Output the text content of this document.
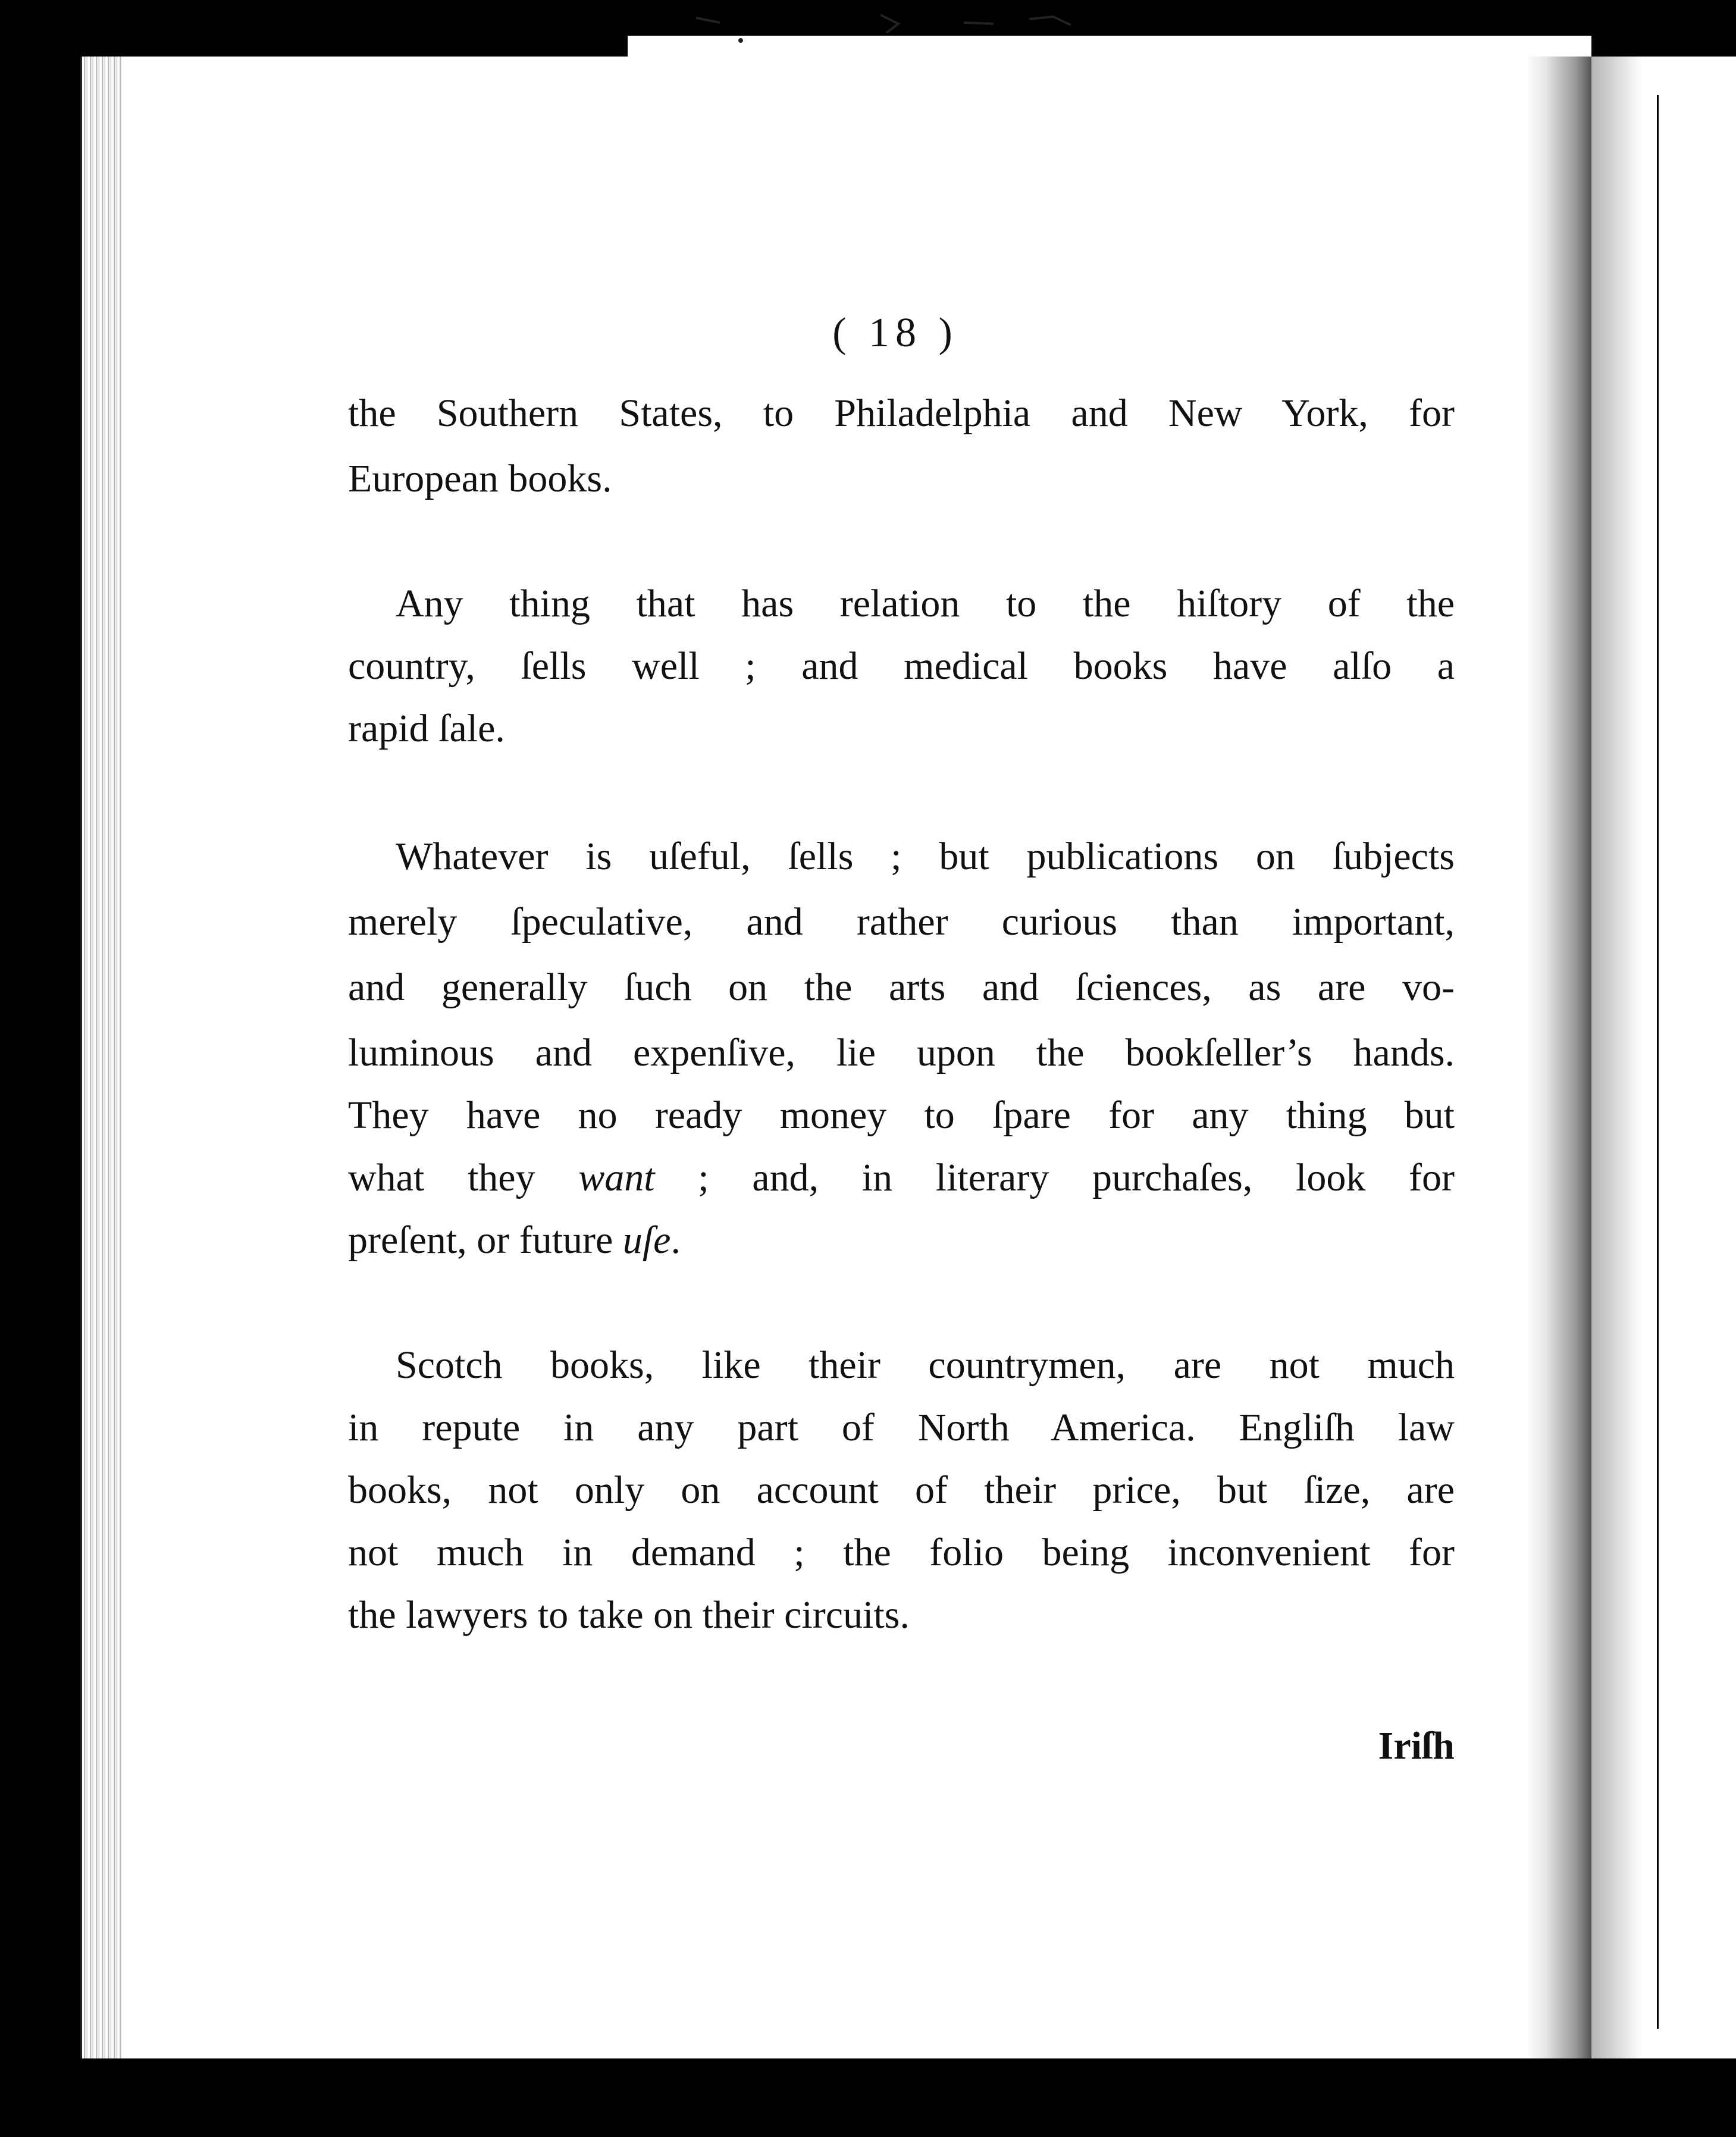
( 18 )
the Southern States, to Philadelphia and New York, for
European books.
Any thing that has relation to the hiſtory of the
country, ſells well ; and medical books have alſo a
rapid ſale.
Whatever is uſeful, ſells ; but publications on ſubjects
merely ſpeculative, and rather curious than important,
and generally ſuch on the arts and ſciences, as are vo-
luminous and expenſive, lie upon the bookſeller’s hands.
They have no ready money to ſpare for any thing but
what they want ; and, in literary purchaſes, look for
preſent, or future uſe.
Scotch books, like their countrymen, are not much
in repute in any part of North America. Engliſh law
books, not only on account of their price, but ſize, are
not much in demand ; the folio being inconvenient for
the lawyers to take on their circuits.
Iriſh
